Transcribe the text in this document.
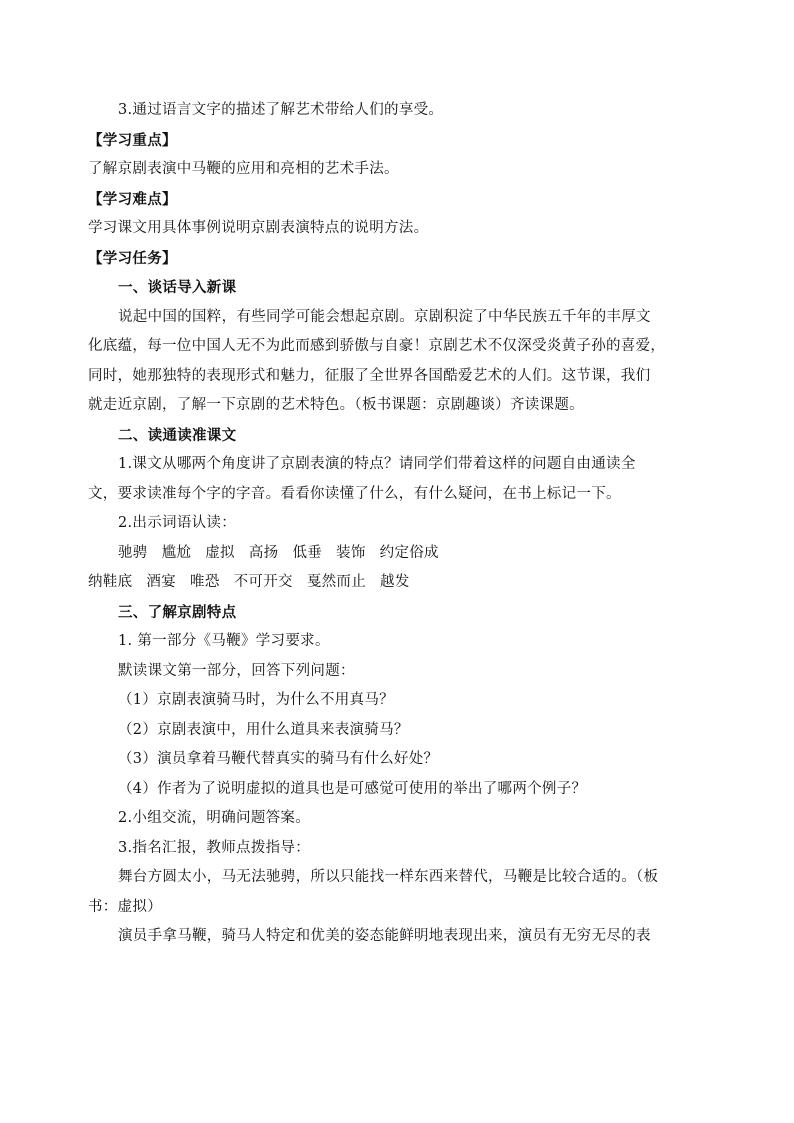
3.通过语言文字的描述了解艺术带给人们的享受。
【学习重点】
了解京剧表演中马鞭的应用和亮相的艺术手法。
【学习难点】
学习课文用具体事例说明京剧表演特点的说明方法。
【学习任务】
一、谈话导入新课
说起中国的国粹，有些同学可能会想起京剧。京剧积淀了中华民族五千年的丰厚文
化底蕴，每一位中国人无不为此而感到骄傲与自豪！京剧艺术不仅深受炎黄子孙的喜爱，
同时，她那独特的表现形式和魅力，征服了全世界各国酷爱艺术的人们。这节课，我们
就走近京剧，了解一下京剧的艺术特色。（板书课题：京剧趣谈）齐读课题。
二、读通读准课文
1.课文从哪两个角度讲了京剧表演的特点？请同学们带着这样的问题自由通读全
文，要求读准每个字的字音。看看你读懂了什么，有什么疑问，在书上标记一下。
2.出示词语认读：
驰骋 尴尬 虚拟 高扬 低垂 装饰 约定俗成
纳鞋底 酒宴 唯恐 不可开交 戛然而止 越发
三、了解京剧特点
1. 第一部分《马鞭》学习要求。
默读课文第一部分，回答下列问题：
（1）京剧表演骑马时，为什么不用真马？
（2）京剧表演中，用什么道具来表演骑马？
（3）演员拿着马鞭代替真实的骑马有什么好处？
（4）作者为了说明虚拟的道具也是可感觉可使用的举出了哪两个例子？
2.小组交流，明确问题答案。
3.指名汇报，教师点拨指导：
舞台方圆太小，马无法驰骋，所以只能找一样东西来替代，马鞭是比较合适的。（板
书：虚拟）
演员手拿马鞭，骑马人特定和优美的姿态能鲜明地表现出来，演员有无穷无尽的表
